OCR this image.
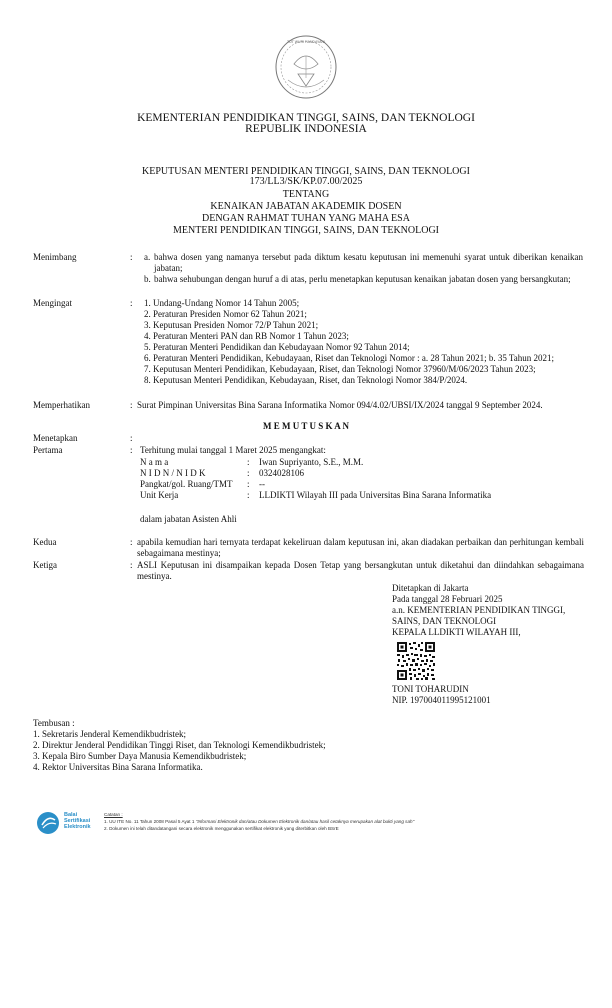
TUT WURI HANDAYANI
KEMENTERIAN PENDIDIKAN TINGGI, SAINS, DAN TEKNOLOGI
REPUBLIK INDONESIA
KEPUTUSAN MENTERI PENDIDIKAN TINGGI, SAINS, DAN TEKNOLOGI
173/LL3/SK/KP.07.00/2025
TENTANG
KENAIKAN JABATAN AKADEMIK DOSEN
DENGAN RAHMAT TUHAN YANG MAHA ESA
MENTERI PENDIDIKAN TINGGI, SAINS, DAN TEKNOLOGI
Menimbang	: a. bahwa dosen yang namanya tersebut pada diktum kesatu keputusan ini memenuhi syarat untuk diberikan kenaikan jabatan;
b. bahwa sehubungan dengan huruf a di atas, perlu menetapkan keputusan kenaikan jabatan dosen yang bersangkutan;
Mengingat	: 1. Undang-Undang Nomor 14 Tahun 2005;
2. Peraturan Presiden Nomor 62 Tahun 2021;
3. Keputusan Presiden Nomor 72/P Tahun 2021;
4. Peraturan Menteri PAN dan RB Nomor 1 Tahun 2023;
5. Peraturan Menteri Pendidikan dan Kebudayaan Nomor 92 Tahun 2014;
6. Peraturan Menteri Pendidikan, Kebudayaan, Riset dan Teknologi Nomor : a. 28 Tahun 2021; b. 35 Tahun 2021;
7. Keputusan Menteri Pendidikan, Kebudayaan, Riset, dan Teknologi Nomor 37960/M/06/2023 Tahun 2023;
8. Keputusan Menteri Pendidikan, Kebudayaan, Riset, dan Teknologi Nomor 384/P/2024.
Memperhatikan	: Surat Pimpinan Universitas Bina Sarana Informatika Nomor 094/4.02/UBSI/IX/2024 tanggal 9 September 2024.
M E M U T U S K A N
Menetapkan	:
Pertama	: Terhitung mulai tanggal 1 Maret 2025 mengangkat:
N a m a	: Iwan Supriyanto, S.E., M.M.
N I D N / N I D K	: 0324028106
Pangkat/gol. Ruang/TMT : --
Unit Kerja	: LLDIKTI Wilayah III pada Universitas Bina Sarana Informatika
dalam jabatan Asisten Ahli
Kedua	: apabila kemudian hari ternyata terdapat kekeliruan dalam keputusan ini, akan diadakan perbaikan dan perhitungan kembali sebagaimana mestinya;
Ketiga	: ASLI Keputusan ini disampaikan kepada Dosen Tetap yang bersangkutan untuk diketahui dan diindahkan sebagaimana mestinya.
Ditetapkan di Jakarta
Pada tanggal 28 Februari 2025
a.n. KEMENTERIAN PENDIDIKAN TINGGI,
SAINS, DAN TEKNOLOGI
KEPALA LLDIKTI WILAYAH III,
TONI TOHARUDIN
NIP. 197004011995121001
Tembusan :
1. Sekretaris Jenderal Kemendikbudristek;
2. Direktur Jenderal Pendidikan Tinggi Riset, dan Teknologi Kemendikbudristek;
3. Kepala Biro Sumber Daya Manusia Kemendikbudristek;
4. Rektor Universitas Bina Sarana Informatika.
Balai
Sertifikasi
Elektronik
Catatan :
1. UU ITE No. 11 Tahun 2008 Pasal 5 Ayat 1 "Informasi Elektronik dan/atau Dokumen Elektronik dan/atau hasil cetaknya merupakan alat bukti yang sah"
2. Dokumen ini telah ditandatangani secara elektronik menggunakan sertifikat elektronik yang diterbitkan oleh BSrE
